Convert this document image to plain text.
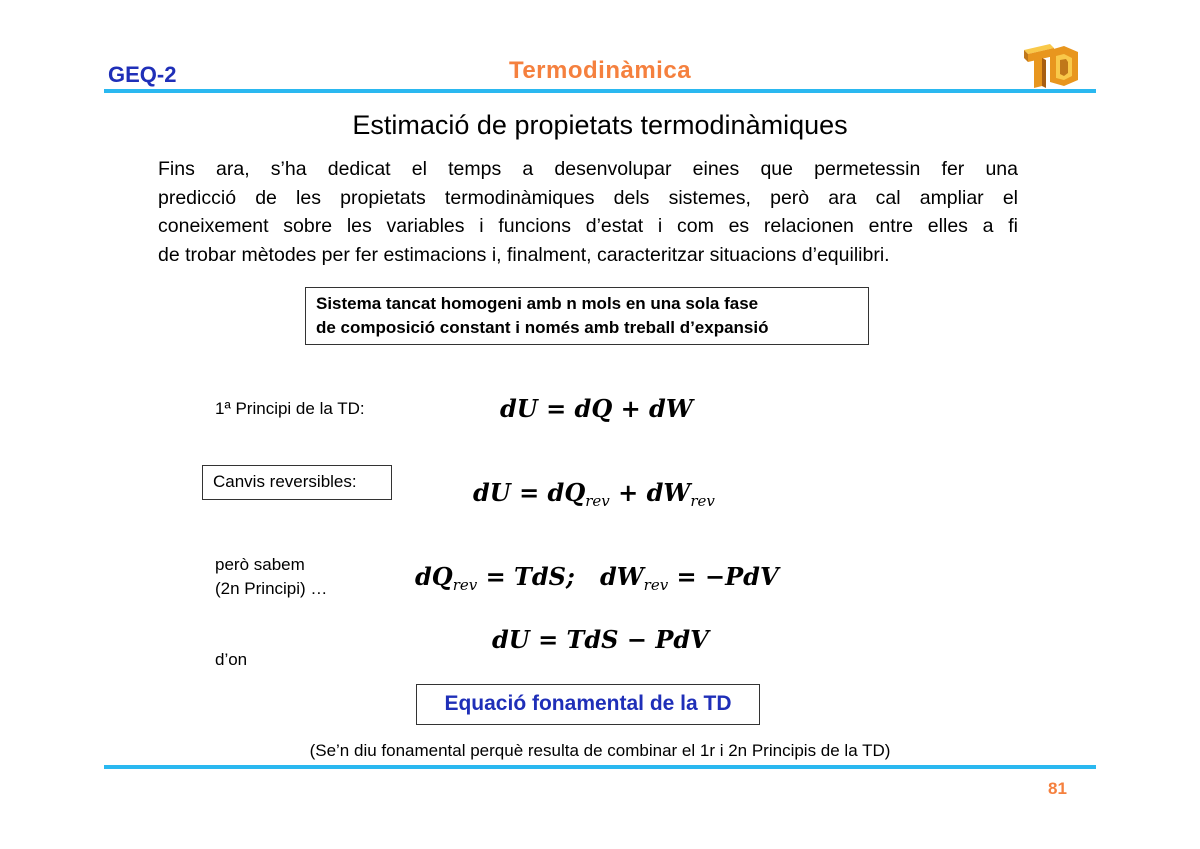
GEQ-2	Termodinàmica
Estimació de propietats termodinàmiques
Fins ara, s’ha dedicat el temps a desenvolupar eines que permetessin fer una
predicció de les propietats termodinàmiques dels sistemes, però ara cal ampliar el
coneixement sobre les variables i funcions d’estat i com es relacionen entre elles a fi
de trobar mètodes per fer estimacions i, finalment, caracteritzar situacions d’equilibri.
Sistema tancat homogeni amb n mols en una sola fase
de composició constant i només amb treball d’expansió
1ª Principi de la TD:	dU = dQ + dW
Canvis reversibles:	dU = $dQ_{rev} + dW_{rev}$
però sabem
(2n Principi) …	$dQ_{rev}$ = TdS;   $dW_{rev} = -PdV$
dU = TdS − PdV
d’on
Equació fonamental de la TD
(Se’n diu fonamental perquè resulta de combinar el 1r i 2n Principis de la TD)
81
